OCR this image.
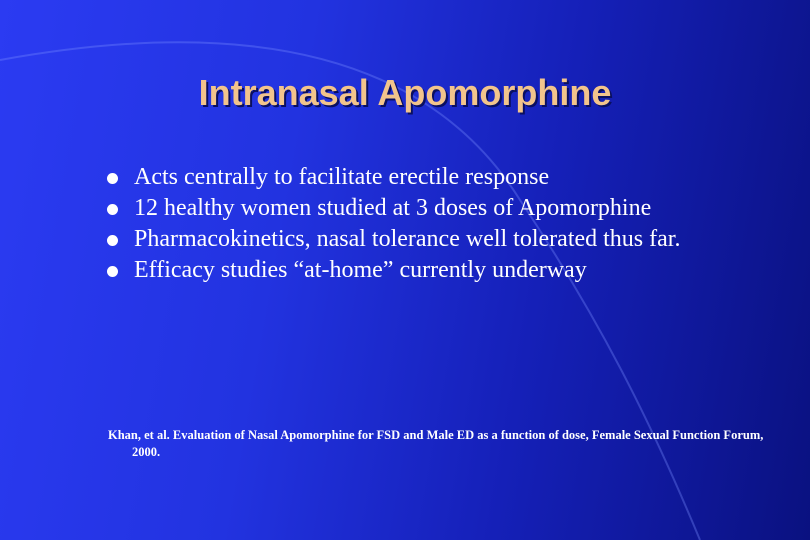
Intranasal Apomorphine
Acts centrally to facilitate erectile response
12 healthy women studied at 3 doses of Apomorphine
Pharmacokinetics, nasal tolerance well tolerated thus far.
Efficacy studies “at-home” currently underway

Khan, et al. Evaluation of Nasal Apomorphine for FSD and Male ED as a function of dose, Female Sexual Function Forum, 2000.
